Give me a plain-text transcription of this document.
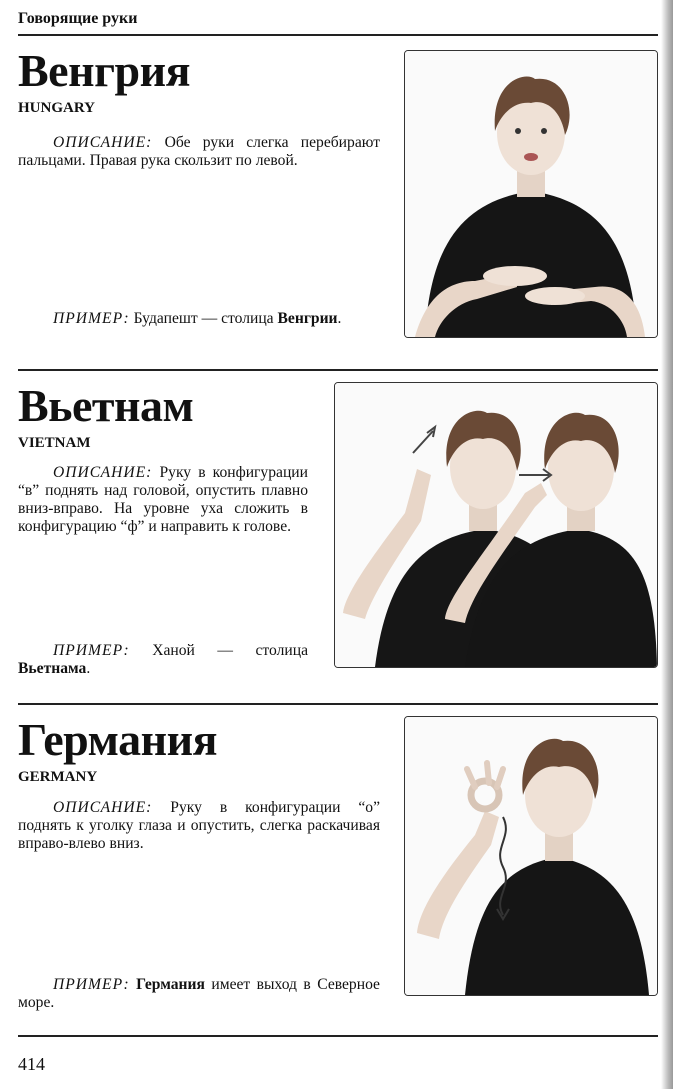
Говорящие руки
Венгрия
HUNGARY
ОПИСАНИЕ: Обе руки слегка перебирают пальцами. Правая рука скользит по левой.
ПРИМЕР: Будапешт — столица Венгрии.
Вьетнам
VIETNAM
ОПИСАНИЕ: Руку в конфигурации “в” поднять над головой, опустить плавно вниз-вправо. На уровне уха сложить в конфигурацию “ф” и направить к голове.
ПРИМЕР: Ханой — столица Вьетнама.
Германия
GERMANY
ОПИСАНИЕ: Руку в конфигурации “о” поднять к уголку глаза и опустить, слегка раскачивая вправо-влево вниз.
ПРИМЕР: Германия имеет выход в Северное море.
414
